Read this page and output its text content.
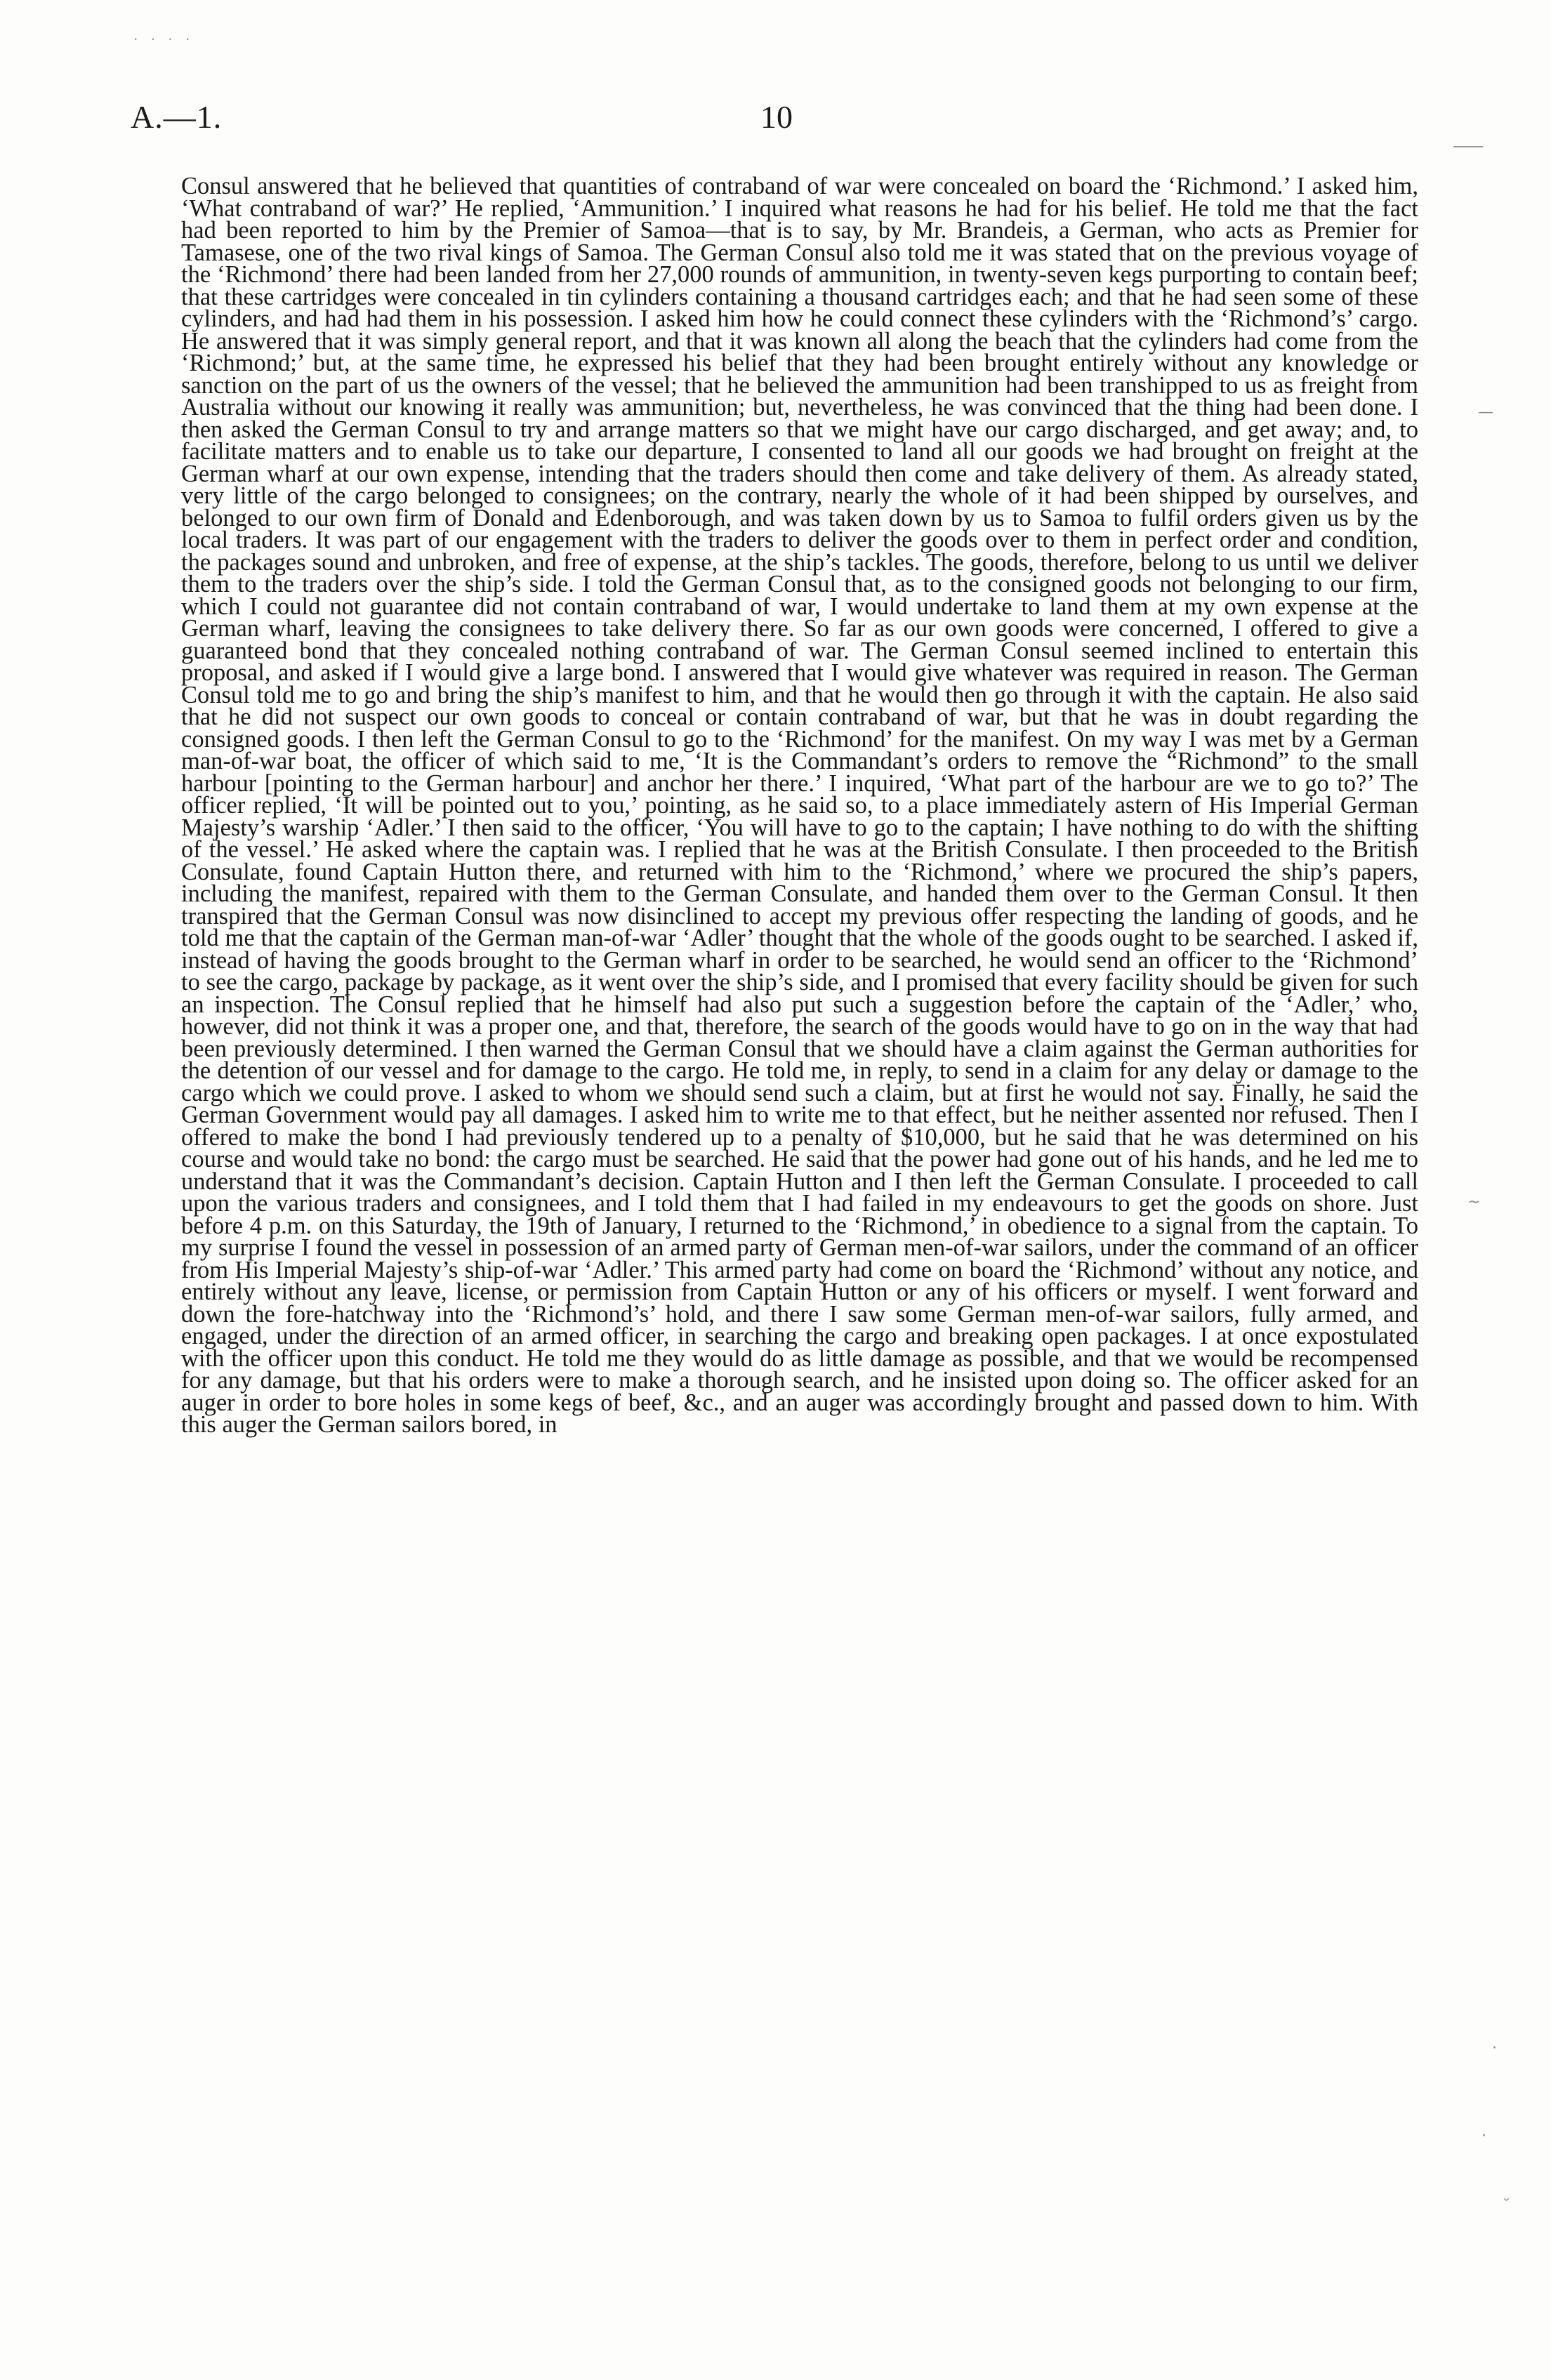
· · · ·
A.—1.	10

Consul answered that he believed that quantities of contraband of war were concealed on board the ‘Richmond.’ I asked him, ‘What contraband of war?’ He replied, ‘Ammunition.’ I inquired what reasons he had for his belief. He told me that the fact had been reported to him by the Premier of Samoa—that is to say, by Mr. Brandeis, a German, who acts as Premier for Tamasese, one of the two rival kings of Samoa. The German Consul also told me it was stated that on the previous voyage of the ‘Richmond’ there had been landed from her 27,000 rounds of ammunition, in twenty-seven kegs purporting to contain beef; that these cartridges were concealed in tin cylinders containing a thousand cartridges each; and that he had seen some of these cylinders, and had had them in his possession. I asked him how he could connect these cylinders with the ‘Richmond’s’ cargo. He answered that it was simply general report, and that it was known all along the beach that the cylinders had come from the ‘Richmond;’ but, at the same time, he expressed his belief that they had been brought entirely without any knowledge or sanction on the part of us the owners of the vessel; that he believed the ammunition had been transhipped to us as freight from Australia without our knowing it really was ammunition; but, nevertheless, he was convinced that the thing had been done. I then asked the German Consul to try and arrange matters so that we might have our cargo discharged, and get away; and, to facilitate matters and to enable us to take our departure, I consented to land all our goods we had brought on freight at the German wharf at our own expense, intending that the traders should then come and take delivery of them. As already stated, very little of the cargo belonged to consignees; on the contrary, nearly the whole of it had been shipped by ourselves, and belonged to our own firm of Donald and Edenborough, and was taken down by us to Samoa to fulfil orders given us by the local traders. It was part of our engagement with the traders to deliver the goods over to them in perfect order and condition, the packages sound and unbroken, and free of expense, at the ship’s tackles. The goods, therefore, belong to us until we deliver them to the traders over the ship’s side. I told the German Consul that, as to the consigned goods not belonging to our firm, which I could not guarantee did not contain contraband of war, I would undertake to land them at my own expense at the German wharf, leaving the consignees to take delivery there. So far as our own goods were concerned, I offered to give a guaranteed bond that they concealed nothing contraband of war. The German Consul seemed inclined to entertain this proposal, and asked if I would give a large bond. I answered that I would give whatever was required in reason. The German Consul told me to go and bring the ship’s manifest to him, and that he would then go through it with the captain. He also said that he did not suspect our own goods to conceal or contain contraband of war, but that he was in doubt regarding the consigned goods. I then left the German Consul to go to the ‘Richmond’ for the manifest. On my way I was met by a German man-of-war boat, the officer of which said to me, ‘It is the Commandant’s orders to remove the “Richmond” to the small harbour [pointing to the German harbour] and anchor her there.’ I inquired, ‘What part of the harbour are we to go to?’ The officer replied, ‘It will be pointed out to you,’ pointing, as he said so, to a place immediately astern of His Imperial German Majesty’s warship ‘Adler.’ I then said to the officer, ‘You will have to go to the captain; I have nothing to do with the shifting of the vessel.’ He asked where the captain was. I replied that he was at the British Consulate. I then proceeded to the British Consulate, found Captain Hutton there, and returned with him to the ‘Richmond,’ where we procured the ship’s papers, including the manifest, repaired with them to the German Consulate, and handed them over to the German Consul. It then transpired that the German Consul was now disinclined to accept my previous offer respecting the landing of goods, and he told me that the captain of the German man-of-war ‘Adler’ thought that the whole of the goods ought to be searched. I asked if, instead of having the goods brought to the German wharf in order to be searched, he would send an officer to the ‘Richmond’ to see the cargo, package by package, as it went over the ship’s side, and I promised that every facility should be given for such an inspection. The Consul replied that he himself had also put such a suggestion before the captain of the ‘Adler,’ who, however, did not think it was a proper one, and that, therefore, the search of the goods would have to go on in the way that had been previously determined. I then warned the German Consul that we should have a claim against the German authorities for the detention of our vessel and for damage to the cargo. He told me, in reply, to send in a claim for any delay or damage to the cargo which we could prove. I asked to whom we should send such a claim, but at first he would not say. Finally, he said the German Government would pay all damages. I asked him to write me to that effect, but he neither assented nor refused. Then I offered to make the bond I had previously tendered up to a penalty of $10,000, but he said that he was determined on his course and would take no bond: the cargo must be searched. He said that the power had gone out of his hands, and he led me to understand that it was the Commandant’s decision. Captain Hutton and I then left the German Consulate. I proceeded to call upon the various traders and consignees, and I told them that I had failed in my endeavours to get the goods on shore. Just before 4 p.m. on this Saturday, the 19th of January, I returned to the ‘Richmond,’ in obedience to a signal from the captain. To my surprise I found the vessel in possession of an armed party of German men-of-war sailors, under the command of an officer from His Imperial Majesty’s ship-of-war ‘Adler.’ This armed party had come on board the ‘Richmond’ without any notice, and entirely without any leave, license, or permission from Captain Hutton or any of his officers or myself. I went forward and down the fore-hatchway into the ‘Richmond’s’ hold, and there I saw some German men-of-war sailors, fully armed, and engaged, under the direction of an armed officer, in searching the cargo and breaking open packages. I at once expostulated with the officer upon this conduct. He told me they would do as little damage as possible, and that we would be recompensed for any damage, but that his orders were to make a thorough search, and he insisted upon doing so. The officer asked for an auger in order to bore holes in some kegs of beef, &c., and an auger was accordingly brought and passed down to him. With this auger the German sailors bored, in

—
~
·
·
˘
